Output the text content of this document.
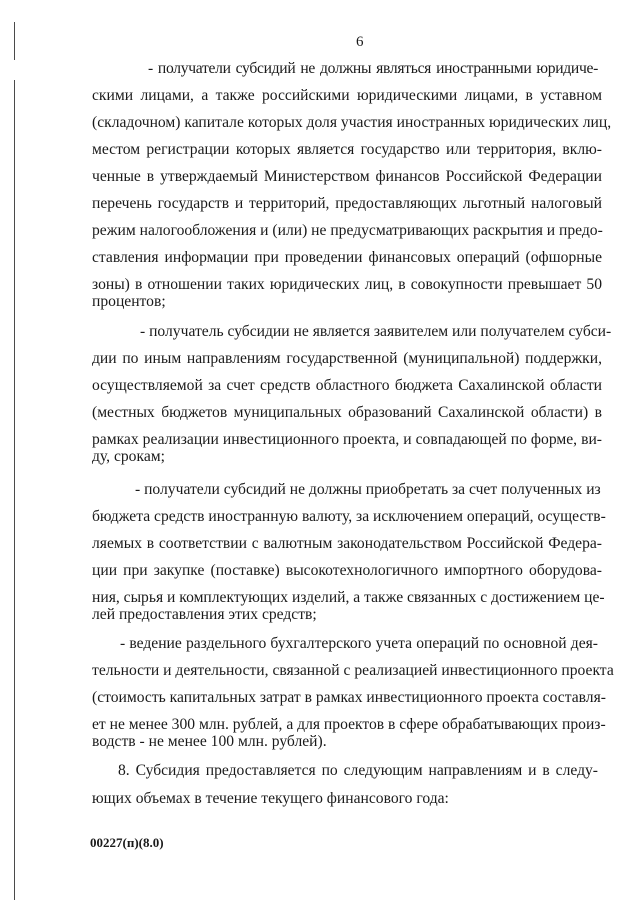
6
- получатели субсидий не должны являться иностранными юридиче-
скими лицами, а также российскими юридическими лицами, в уставном
(складочном) капитале которых доля участия иностранных юридических лиц,
местом регистрации которых является государство или территория, вклю-
ченные в утверждаемый Министерством финансов Российской Федерации
перечень государств и территорий, предоставляющих льготный налоговый
режим налогообложения и (или) не предусматривающих раскрытия и предо-
ставления информации при проведении финансовых операций (офшорные
зоны) в отношении таких юридических лиц, в совокупности превышает 50
процентов;
- получатель субсидии не является заявителем или получателем субси-
дии по иным направлениям государственной (муниципальной) поддержки,
осуществляемой за счет средств областного бюджета Сахалинской области
(местных бюджетов муниципальных образований Сахалинской области) в
рамках реализации инвестиционного проекта, и совпадающей по форме, ви-
ду, срокам;
- получатели субсидий не должны приобретать за счет полученных из
бюджета средств иностранную валюту, за исключением операций, осуществ-
ляемых в соответствии с валютным законодательством Российской Федера-
ции при закупке (поставке) высокотехнологичного импортного оборудова-
ния, сырья и комплектующих изделий, а также связанных с достижением це-
лей предоставления этих средств;
- ведение раздельного бухгалтерского учета операций по основной дея-
тельности и деятельности, связанной с реализацией инвестиционного проекта
(стоимость капитальных затрат в рамках инвестиционного проекта составля-
ет не менее 300 млн. рублей, а для проектов в сфере обрабатывающих произ-
водств - не менее 100 млн. рублей).
8. Субсидия предоставляется по следующим направлениям и в следу-
ющих объемах в течение текущего финансового года:
00227(п)(8.0)
